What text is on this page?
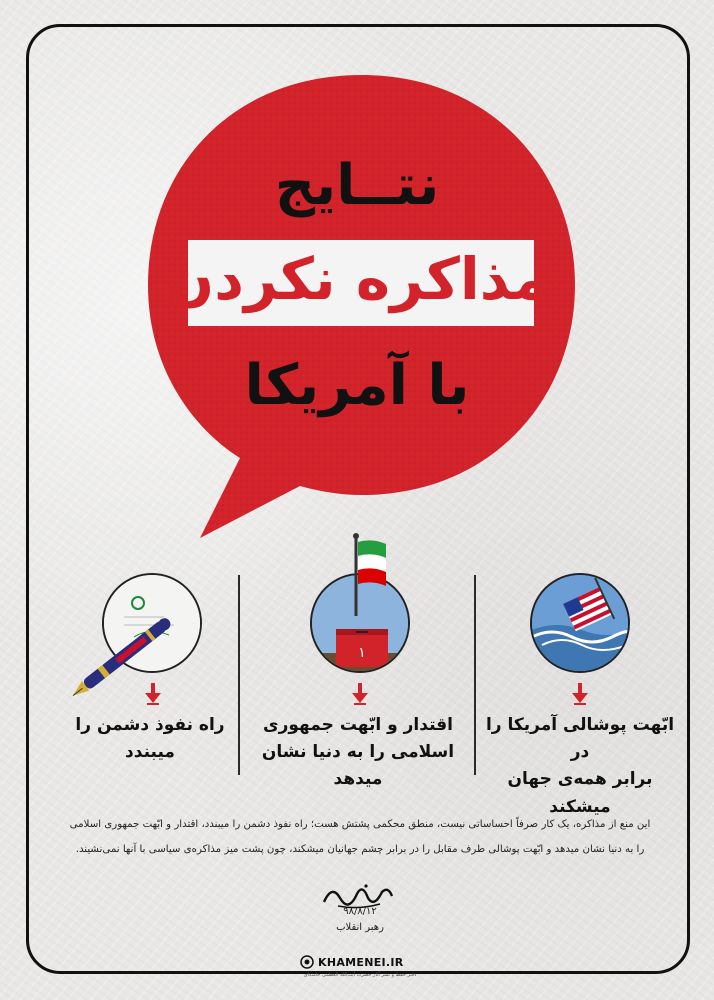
نتــایج
مذاکره نکردن
با آمریکا
۱
ابّهت پوشالی آمریکا را در
برابر همه‌ی جهان میشکند
اقتدار و ابّهت جمهوری
اسلامی را به دنیا نشان میدهد
راه نفوذ دشمن را
میبندد
این منع از مذاکره، یک کار صرفاً احساساتی نیست، منطق محکمی پشتش هست؛ راه نفوذ دشمن را میبندد، اقتدار و ابّهت جمهوری اسلامی
را به دنیا نشان میدهد و ابّهت پوشالی طرف مقابل را در برابر چشم جهانیان میشکند، چون پشت میز مذاکره‌ی سیاسی با آنها نمی‌نشیند.
۹۸/۸/۱۲
رهبر انقلاب
KHAMENEI.IR
دفتر حفظ و نشر آثار حضرت آیت‌الله العظمی خامنه‌ای
